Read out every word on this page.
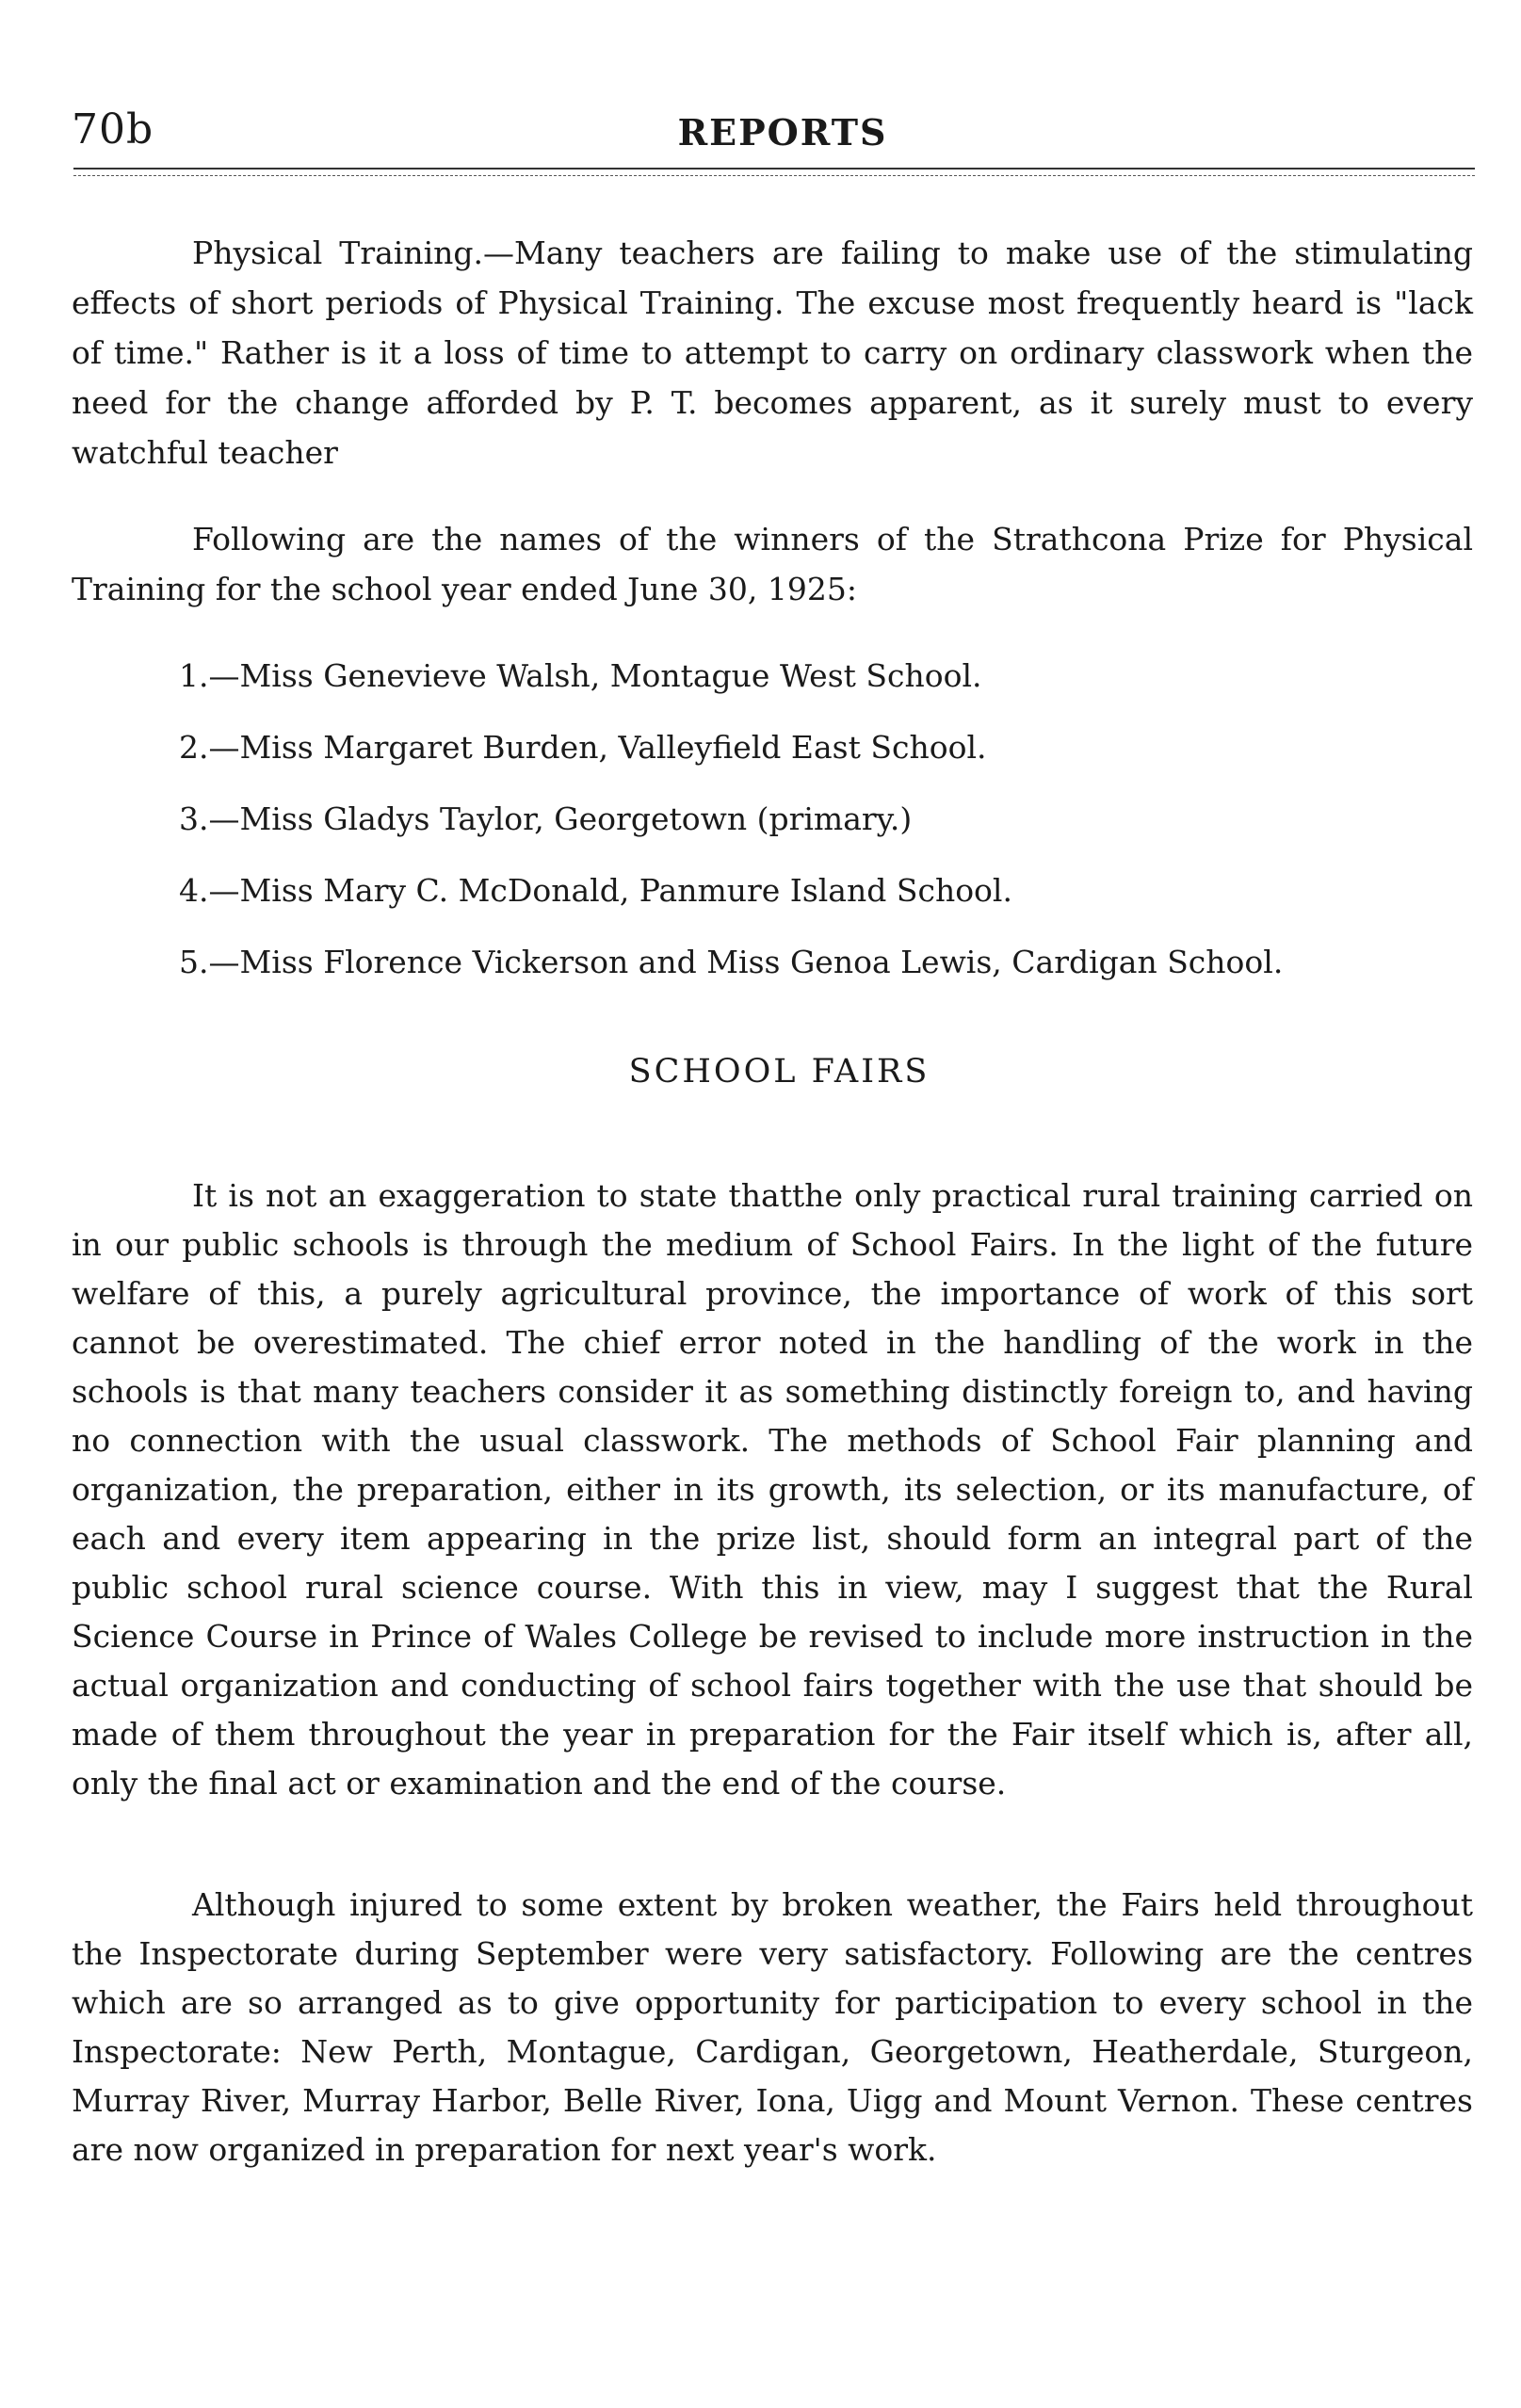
70b	REPORTS

Physical Training.—Many teachers are failing to make use of the stimulating effects of short periods of Physical Training. The excuse most frequently heard is "lack of time." Rather is it a loss of time to attempt to carry on ordinary classwork when the need for the change afforded by P. T. becomes apparent, as it surely must to every watchful teacher

Following are the names of the winners of the Strathcona Prize for Physical Training for the school year ended June 30, 1925:

1.—Miss Genevieve Walsh, Montague West School.
2.—Miss Margaret Burden, Valleyfield East School.
3.—Miss Gladys Taylor, Georgetown (primary.)
4.—Miss Mary C. McDonald, Panmure Island School.
5.—Miss Florence Vickerson and Miss Genoa Lewis, Cardigan School.
SCHOOL FAIRS

It is not an exaggeration to state thatthe only practical rural training carried on in our public schools is through the medium of School Fairs. In the light of the future welfare of this, a purely agricultural province, the importance of work of this sort cannot be overestimated. The chief error noted in the handling of the work in the schools is that many teachers consider it as something distinctly foreign to, and having no connection with the usual classwork. The methods of School Fair planning and organization, the preparation, either in its growth, its selection, or its manufacture, of each and every item appearing in the prize list, should form an integral part of the public school rural science course. With this in view, may I suggest that the Rural Science Course in Prince of Wales College be revised to include more instruction in the actual organization and conducting of school fairs together with the use that should be made of them throughout the year in preparation for the Fair itself which is, after all, only the final act or examination and the end of the course.

Although injured to some extent by broken weather, the Fairs held throughout the Inspectorate during September were very satisfactory. Following are the centres which are so arranged as to give opportunity for participation to every school in the Inspectorate: New Perth, Montague, Cardigan, Georgetown, Heatherdale, Sturgeon, Murray River, Murray Harbor, Belle River, Iona, Uigg and Mount Vernon. These centres are now organized in preparation for next year's work.
